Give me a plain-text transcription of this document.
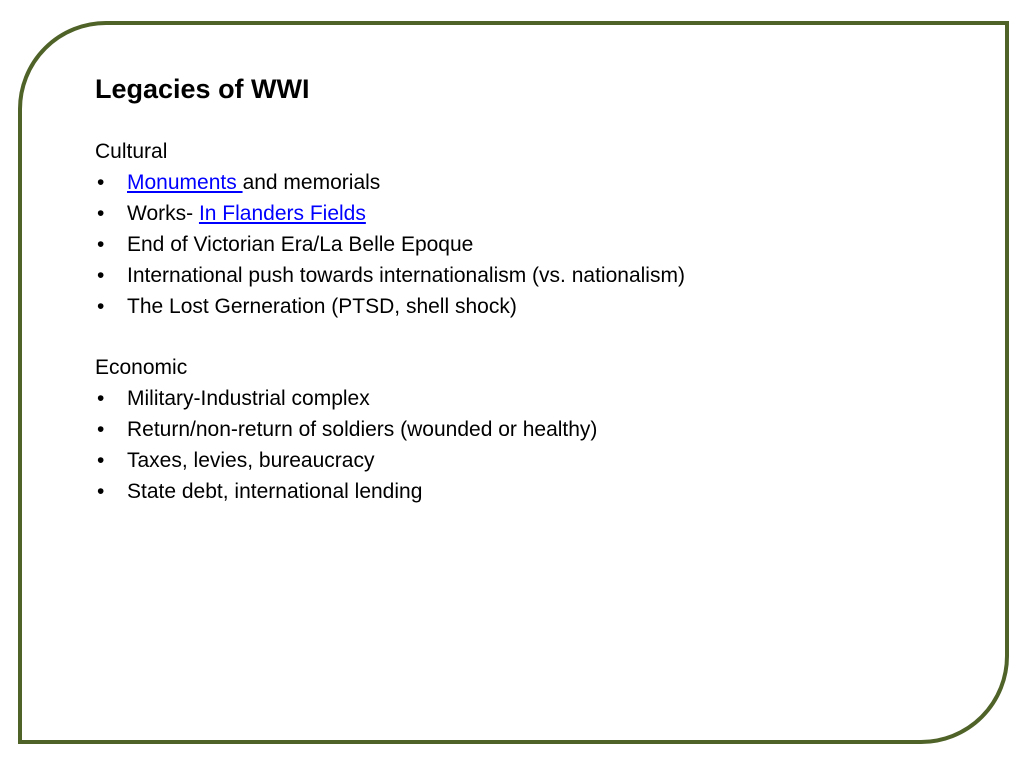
Legacies of WWI

Cultural

•	Monuments and memorials
•	Works- In Flanders Fields
•	End of Victorian Era/La Belle Epoque
•	International push towards internationalism (vs. nationalism)
•	The Lost Gerneration (PTSD, shell shock)

Economic

•	Military-Industrial complex
•	Return/non-return of soldiers (wounded or healthy)
•	Taxes, levies, bureaucracy
•	State debt, international lending
